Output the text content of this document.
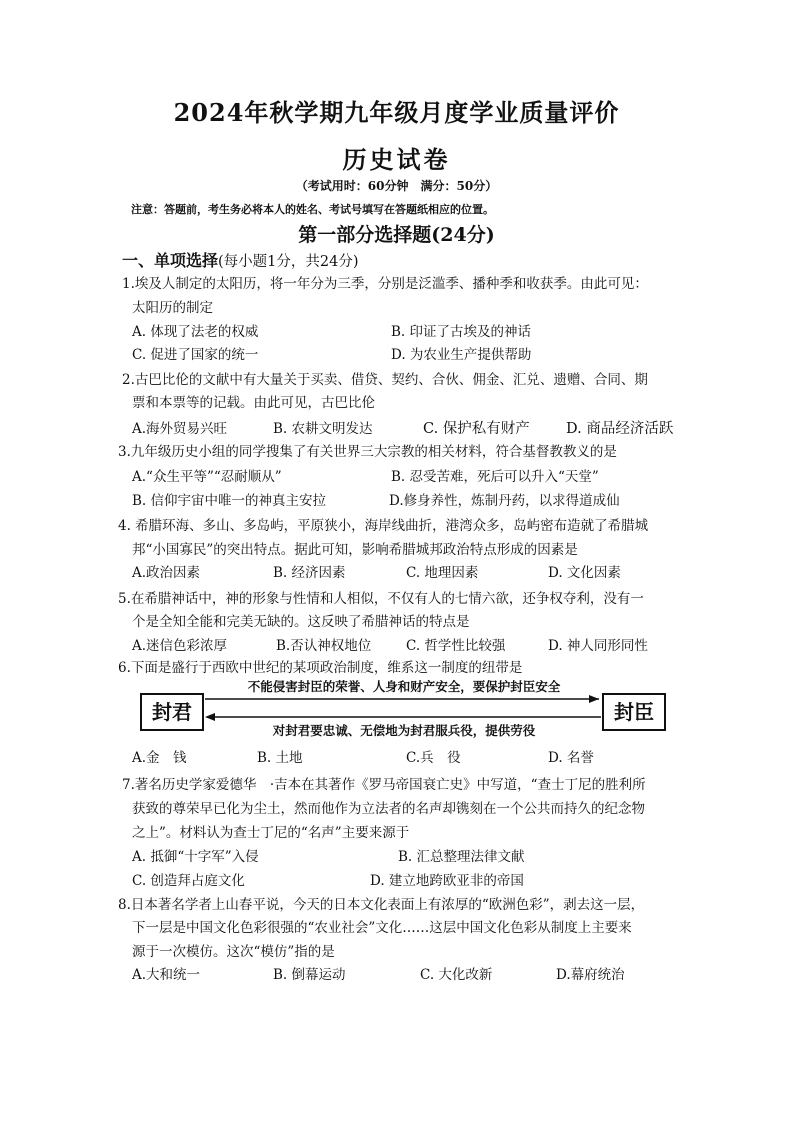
2024年秋学期九年级月度学业质量评价
历史试卷
（考试用时：60分钟　满分：50分）
注意：答题前，考生务必将本人的姓名、考试号填写在答题纸相应的位置。
第一部分选择题(24分)
一、单项选择(每小题1分，共24分)
1.埃及人制定的太阳历，将一年分为三季，分别是泛滥季、播种季和收获季。由此可见：
太阳历的制定
A. 体现了法老的权威	B. 印证了古埃及的神话
C. 促进了国家的统一	D. 为农业生产提供帮助
2.古巴比伦的文献中有大量关于买卖、借贷、契约、合伙、佣金、汇兑、遗赠、合同、期
票和本票等的记载。由此可见，古巴比伦
A.海外贸易兴旺	B. 农耕文明发达	C. 保护私有财产 D. 商品经济活跃
3.九年级历史小组的同学搜集了有关世界三大宗教的相关材料，符合基督教教义的是
A.“众生平等”“忍耐顺从”	B. 忍受苦难，死后可以升入“天堂”
B. 信仰宇宙中唯一的神真主安拉	D.修身养性，炼制丹药，以求得道成仙
4. 希腊环海、多山、多岛屿，平原狭小，海岸线曲折，港湾众多，岛屿密布造就了希腊城
邦“小国寡民”的突出特点。据此可知，影响希腊城邦政治特点形成的因素是
A.政治因素	B. 经济因素	C. 地理因素	D. 文化因素
5.在希腊神话中，神的形象与性情和人相似，不仅有人的七情六欲，还争权夺利，没有一
个是全知全能和完美无缺的。这反映了希腊神话的特点是
A.迷信色彩浓厚	B.否认神权地位	C. 哲学性比较强	D. 神人同形同性
6.下面是盛行于西欧中世纪的某项政治制度，维系这一制度的纽带是
封君	封臣
不能侵害封臣的荣誉、人身和财产安全，要保护封臣安全
对封君要忠诚、无偿地为封君服兵役，提供劳役
A.金　钱	B. 土地	C.兵　役	D. 名誉
7.著名历史学家爱德华　·吉本在其著作《罗马帝国衰亡史》中写道，“查士丁尼的胜利所
获致的尊荣早已化为尘土，然而他作为立法者的名声却镌刻在一个公共而持久的纪念物
之上”。材料认为查士丁尼的“名声”主要来源于
A. 抵御“十字军”入侵	B. 汇总整理法律文献
C. 创造拜占庭文化	D. 建立地跨欧亚非的帝国
8.日本著名学者上山春平说，今天的日本文化表面上有浓厚的“欧洲色彩”，剥去这一层，
下一层是中国文化色彩很强的“农业社会”文化……这层中国文化色彩从制度上主要来
源于一次模仿。这次“模仿”指的是
A.大和统一	B. 倒幕运动	C. 大化改新	D.幕府统治
